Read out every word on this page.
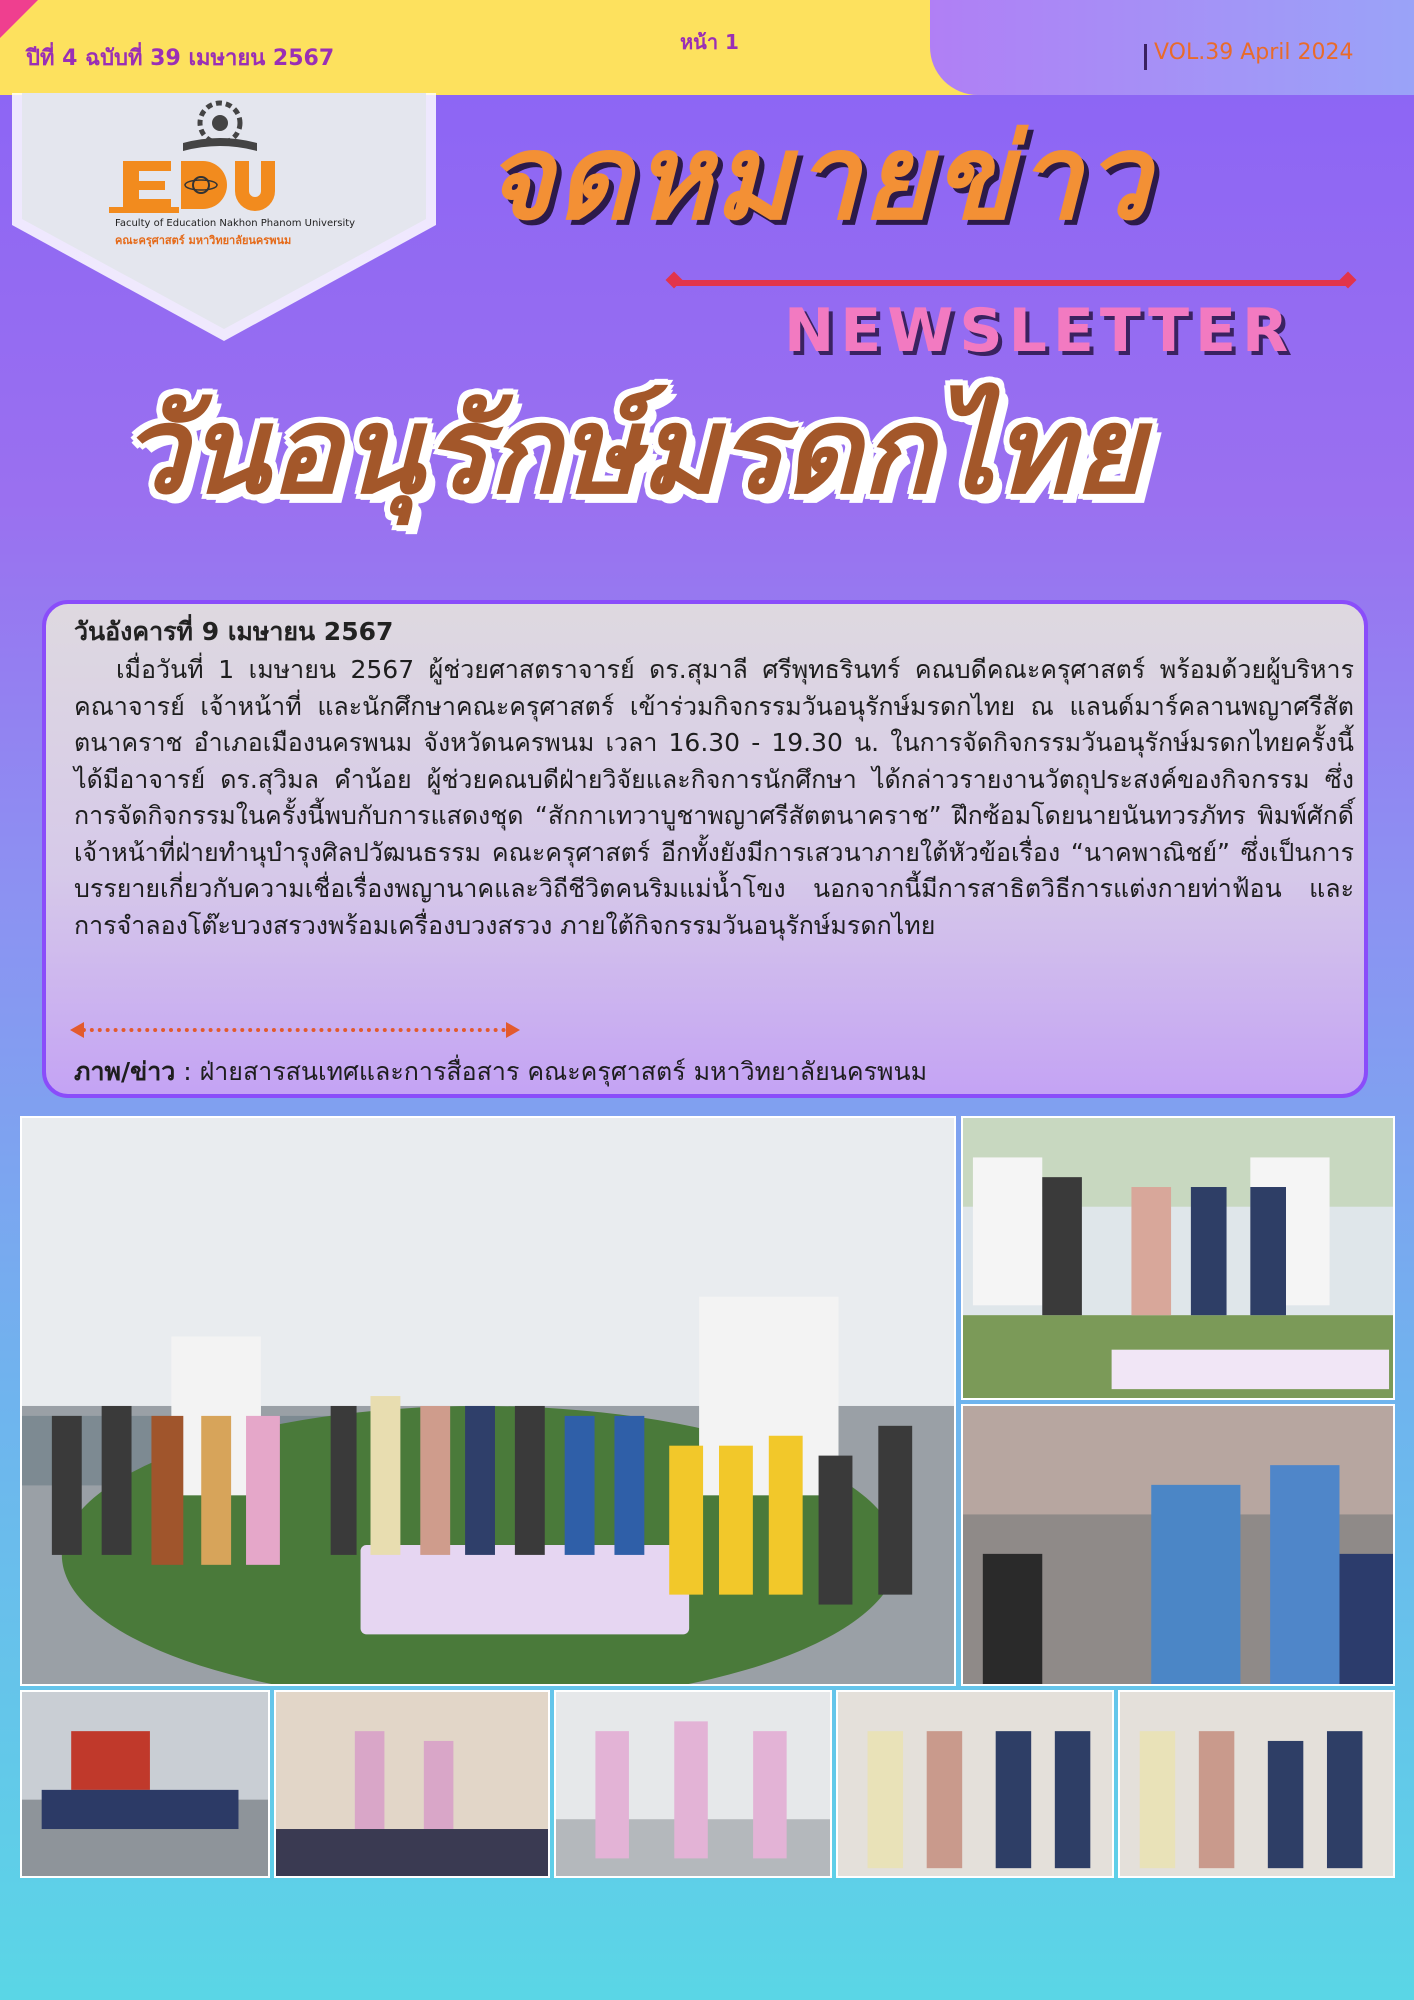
ปีที่ 4 ฉบับที่ 39 เมษายน 2567
หน้า 1	VOL.39 April 2024
Faculty of Education Nakhon Phanom University
คณะครุศาสตร์ มหาวิทยาลัยนครพนม จดหมายข่าว
NEWSLETTER
วันอนุรักษ์มรดกไทย
วันอังคารที่ 9 เมษายน 2567
เมื่อวันที่ 1 เมษายน 2567 ผู้ช่วยศาสตราจารย์ ดร.สุมาลี ศรีพุทธรินทร์ คณบดีคณะครุศาสตร์ พร้อมด้วยผู้บริหาร คณาจารย์ เจ้าหน้าที่ และนักศึกษาคณะครุศาสตร์ เข้าร่วมกิจกรรมวันอนุรักษ์มรดกไทย ณ แลนด์มาร์คลานพญาศรีสัตตนาคราช อำเภอเมืองนครพนม จังหวัดนครพนม เวลา 16.30 - 19.30 น. ในการจัดกิจกรรมวันอนุรักษ์มรดกไทยครั้งนี้ได้มีอาจารย์ ดร.สุวิมล คำน้อย ผู้ช่วยคณบดีฝ่ายวิจัยและกิจการนักศึกษา ได้กล่าวรายงานวัตถุประสงค์ของกิจกรรม ซึ่งการจัดกิจกรรมในครั้งนี้พบกับการแสดงชุด “สักกาเทวาบูชาพญาศรีสัตตนาคราช” ฝึกซ้อมโดยนายนันทวรภัทร พิมพ์ศักดิ์ เจ้าหน้าที่ฝ่ายทำนุบำรุงศิลปวัฒนธรรม คณะครุศาสตร์ อีกทั้งยังมีการเสวนาภายใต้หัวข้อเรื่อง “นาคพาณิชย์” ซึ่งเป็นการบรรยายเกี่ยวกับความเชื่อเรื่องพญานาคและวิถีชีวิตคนริมแม่น้ำโขง นอกจากนี้มีการสาธิตวิธีการแต่งกายท่าฟ้อน และการจำลองโต๊ะบวงสรวงพร้อมเครื่องบวงสรวง ภายใต้กิจกรรมวันอนุรักษ์มรดกไทย
ภาพ/ข่าว : ฝ่ายสารสนเทศและการสื่อสาร คณะครุศาสตร์ มหาวิทยาลัยนครพนม
